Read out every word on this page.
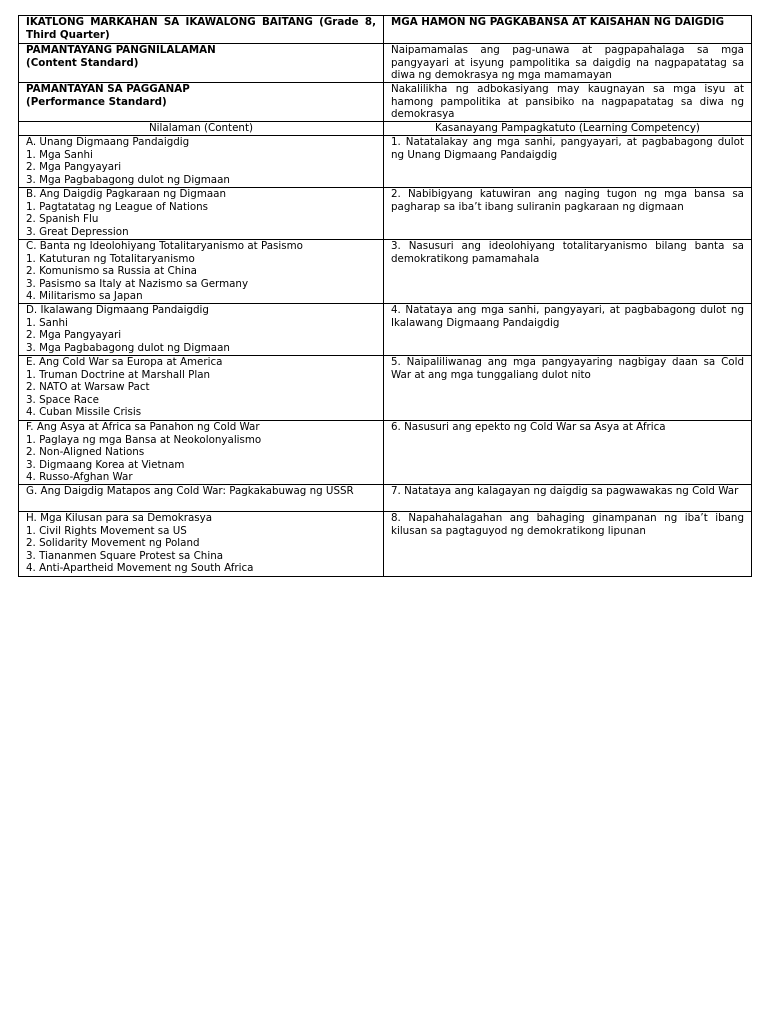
IKATLONG MARKAHAN SA IKAWALONG BAITANG (Grade 8, Third Quarter)	MGA HAMON NG PAGKABANSA AT KAISAHAN NG DAIGDIG

PAMANTAYANG PANGNILALAMAN
(Content Standard)	Naipamamalas ang pag-unawa at pagpapahalaga sa mga pangyayari at isyung pampolitika sa daigdig na nagpapatatag sa diwa ng demokrasya ng mga mamamayan

PAMANTAYAN SA PAGGANAP
(Performance Standard)	Nakalilikha ng adbokasiyang may kaugnayan sa mga isyu at hamong pampolitika at pansibiko na nagpapatatag sa diwa ng demokrasya
Nilalaman (Content)	Kasanayang Pampagkatuto (Learning Competency)

A. Unang Digmaang Pandaigdig
1. Mga Sanhi
2. Mga Pangyayari
3. Mga Pagbabagong dulot ng Digmaan	1. Natatalakay ang mga sanhi, pangyayari, at pagbabagong dulot ng Unang Digmaang Pandaigdig

B. Ang Daigdig Pagkaraan ng Digmaan
1. Pagtatatag ng League of Nations
2. Spanish Flu
3. Great Depression	2. Nabibigyang katuwiran ang naging tugon ng mga bansa sa pagharap sa iba’t ibang suliranin pagkaraan ng digmaan

C. Banta ng Ideolohiyang Totalitaryanismo at Pasismo
1. Katuturan ng Totalitaryanismo
2. Komunismo sa Russia at China
3. Pasismo sa Italy at Nazismo sa Germany
4. Militarismo sa Japan	3. Nasusuri ang ideolohiyang totalitaryanismo bilang banta sa demokratikong pamamahala

D. Ikalawang Digmaang Pandaigdig
1. Sanhi
2. Mga Pangyayari
3. Mga Pagbabagong dulot ng Digmaan	4. Natataya ang mga sanhi, pangyayari, at pagbabagong dulot ng Ikalawang Digmaang Pandaigdig

E. Ang Cold War sa Europa at America
1. Truman Doctrine at Marshall Plan
2. NATO at Warsaw Pact
3. Space Race
4. Cuban Missile Crisis	5. Naipaliliwanag ang mga pangyayaring nagbigay daan sa Cold War at ang mga tunggaliang dulot nito

F. Ang Asya at Africa sa Panahon ng Cold War
1. Paglaya ng mga Bansa at Neokolonyalismo
2. Non-Aligned Nations
3. Digmaang Korea at Vietnam
4. Russo-Afghan War	6. Nasusuri ang epekto ng Cold War sa Asya at Africa

G. Ang Daigdig Matapos ang Cold War: Pagkakabuwag ng USSR	7. Natataya ang kalagayan ng daigdig sa pagwawakas ng Cold War

H. Mga Kilusan para sa Demokrasya
1. Civil Rights Movement sa US
2. Solidarity Movement ng Poland
3. Tiananmen Square Protest sa China
4. Anti-Apartheid Movement ng South Africa	8. Napahahalagahan ang bahaging ginampanan ng iba’t ibang kilusan sa pagtaguyod ng demokratikong lipunan
